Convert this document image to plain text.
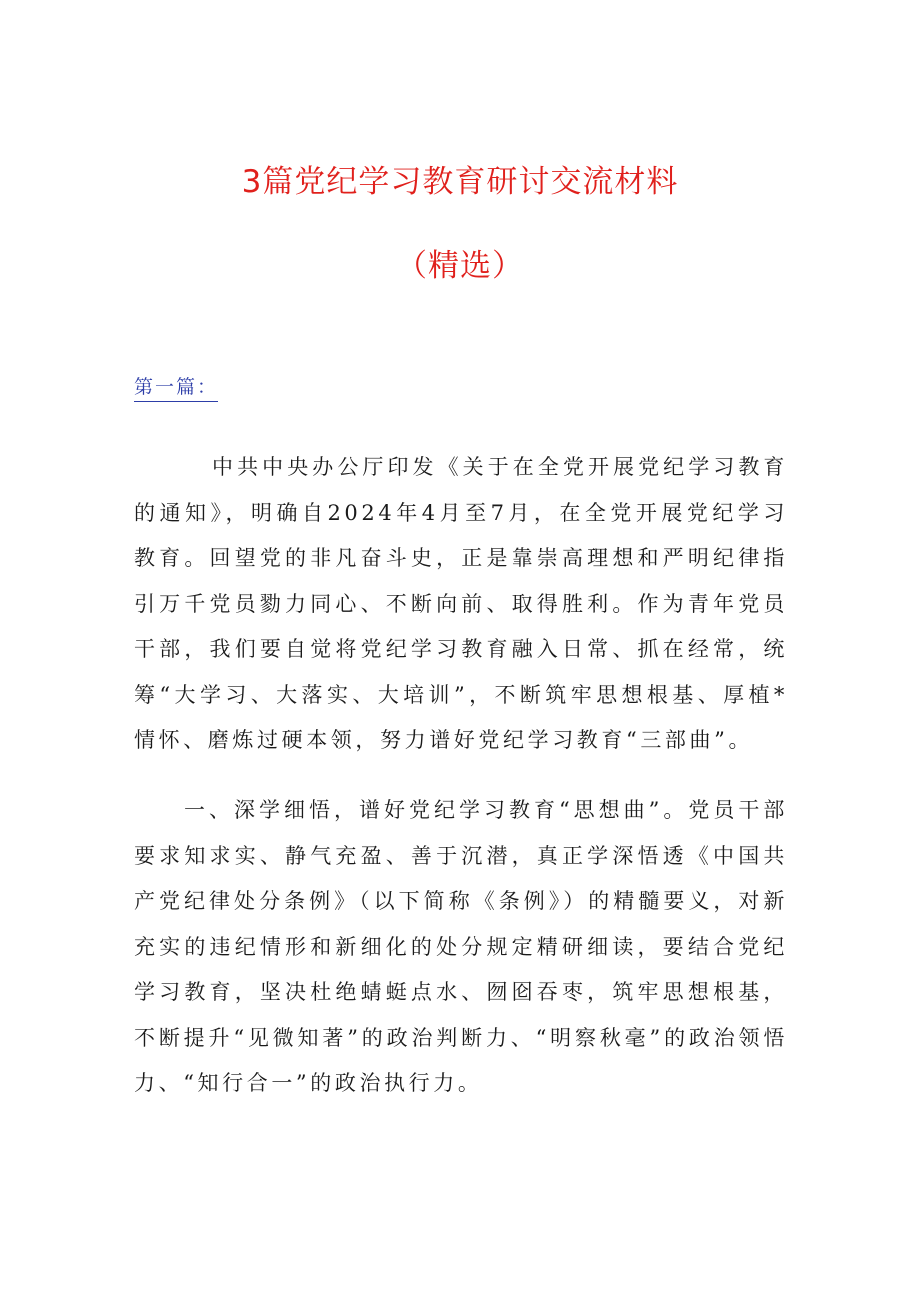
3篇党纪学习教育研讨交流材料
（精选）
第一篇：

中共中央办公厅印发《关于在全党开展党纪学习教育的通知》，明确自2024年4月至7月，在全党开展党纪学习教育。回望党的非凡奋斗史，正是靠崇高理想和严明纪律指引万千党员勠力同心、不断向前、取得胜利。作为青年党员干部，我们要自觉将党纪学习教育融入日常、抓在经常，统筹“大学习、大落实、大培训”，不断筑牢思想根基、厚植*情怀、磨炼过硬本领，努力谱好党纪学习教育“三部曲”。

一、深学细悟，谱好党纪学习教育“思想曲”。党员干部要求知求实、静气充盈、善于沉潜，真正学深悟透《中国共产党纪律处分条例》（以下简称《条例》）的精髓要义，对新充实的违纪情形和新细化的处分规定精研细读，要结合党纪学习教育，坚决杜绝蜻蜓点水、囫囵吞枣，筑牢思想根基，不断提升“见微知著”的政治判断力、“明察秋毫”的政治领悟力、“知行合一”的政治执行力。
